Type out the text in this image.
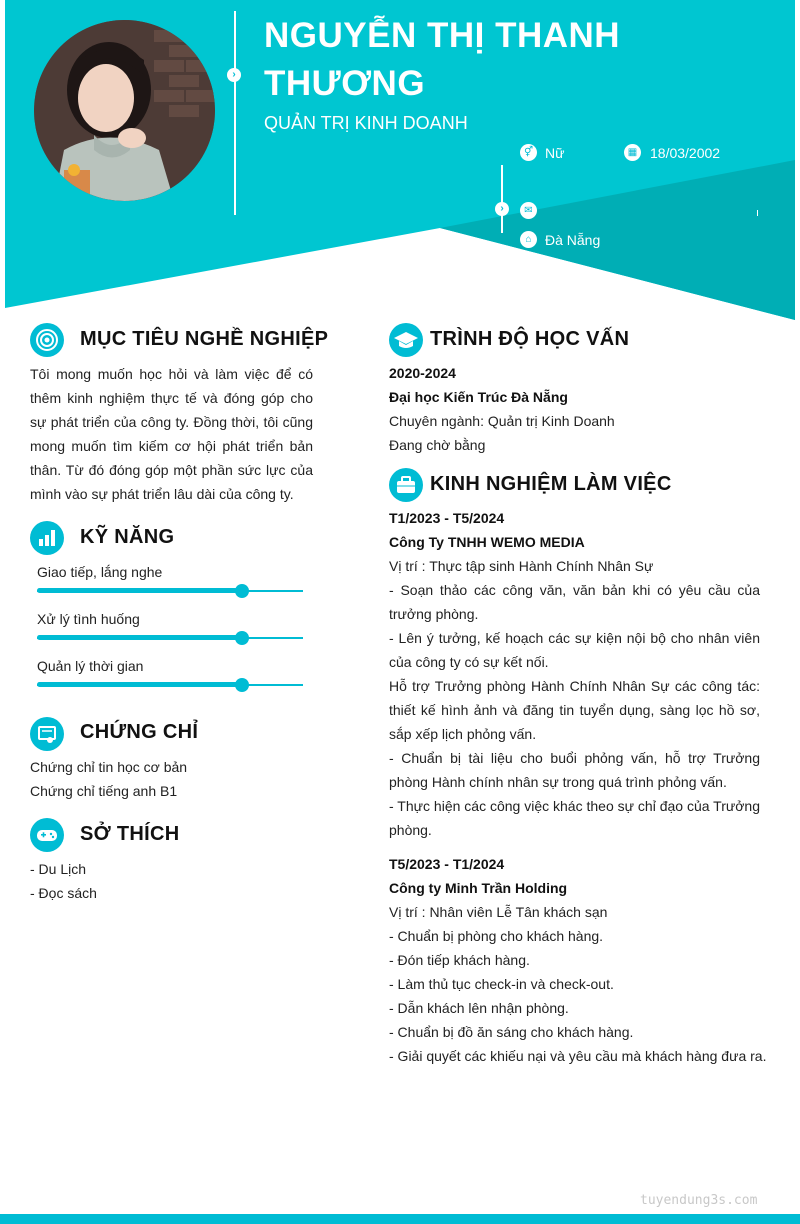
›
NGUYỄN THỊ THANH
THƯƠNG
QUẢN TRỊ KINH DOANH
⚥ Nữ	▦ 18/03/2002
›	✉
⌂ Đà Nẵng
MỤC TIÊU NGHỀ NGHIỆP
Tôi mong muốn học hỏi và làm việc để có thêm kinh nghiệm thực tế và đóng góp cho sự phát triển của công ty. Đồng thời, tôi cũng mong muốn tìm kiếm cơ hội phát triển bản thân. Từ đó đóng góp một phần sức lực của mình vào sự phát triển lâu dài của công ty.
KỸ NĂNG
Giao tiếp, lắng nghe
Xử lý tình huống
Quản lý thời gian
CHỨNG CHỈ
Chứng chỉ tin học cơ bản
Chứng chỉ tiếng anh B1
SỞ THÍCH
- Du Lịch
- Đọc sách
TRÌNH ĐỘ HỌC VẤN
2020-2024
Đại học Kiến Trúc Đà Nẵng
Chuyên ngành: Quản trị Kinh Doanh
Đang chờ bằng
KINH NGHIỆM LÀM VIỆC
T1/2023 - T5/2024
Công Ty TNHH WEMO MEDIA
Vị trí : Thực tập sinh Hành Chính Nhân Sự
- Soạn thảo các công văn, văn bản khi có yêu cầu của trưởng phòng.
- Lên ý tưởng, kế hoạch các sự kiện nội bộ cho nhân viên của công ty có sự kết nối.
Hỗ trợ Trưởng phòng Hành Chính Nhân Sự các công tác: thiết kế hình ảnh và đăng tin tuyển dụng, sàng lọc hồ sơ, sắp xếp lịch phỏng vấn.
- Chuẩn bị tài liệu cho buổi phỏng vấn, hỗ trợ Trưởng phòng Hành chính nhân sự trong quá trình phỏng vấn.
- Thực hiện các công việc khác theo sự chỉ đạo của Trưởng phòng.
T5/2023 - T1/2024
Công ty Minh Trần Holding
Vị trí : Nhân viên Lễ Tân khách sạn
- Chuẩn bị phòng cho khách hàng.
- Đón tiếp khách hàng.
- Làm thủ tục check-in và check-out.
- Dẫn khách lên nhận phòng.
- Chuẩn bị đồ ăn sáng cho khách hàng.
- Giải quyết các khiếu nại và yêu cầu mà khách hàng đưa ra.
tuyendung3s.com
